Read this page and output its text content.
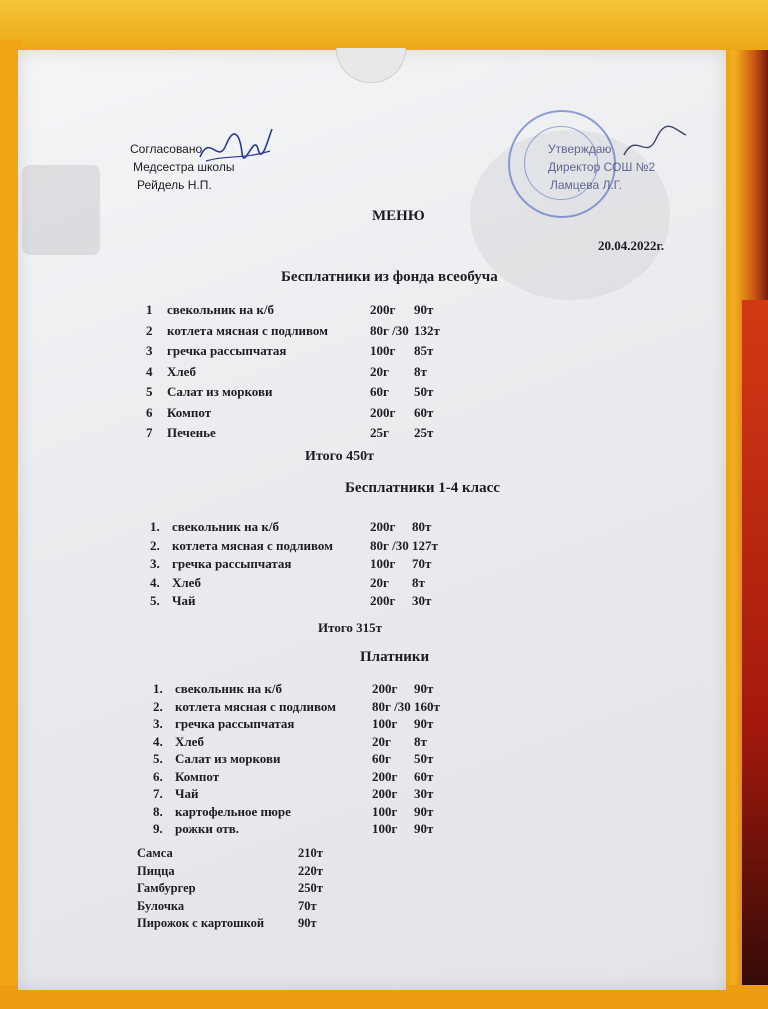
Согласовано
Медсестра школы
Рейдель Н.П.
Утверждаю
Директор СОШ №2
Ламцева Л.Г.
МЕНЮ
20.04.2022г.
Бесплатники из фонда всеобуча
1 свекольник на к/б	200г 90т
2 котлета мясная с подливом	80г /30 132т
3 гречка рассыпчатая	100г 85т
4 Хлеб	20г 8т
5 Салат из моркови	60г 50т
6 Компот	200г 60т
7 Печенье	25г 25т
Итого 450т
Бесплатники 1-4 класс
1. свекольник на к/б	200г 80т
2. котлета мясная с подливом	80г /30 127т
3. гречка рассыпчатая	100г 70т
4. Хлеб	20г 8т
5. Чай	200г 30т
Итого 315т
Платники
1. свекольник на к/б	200г 90т
2. котлета мясная с подливом	80г /30 160т
3. гречка рассыпчатая	100г 90т
4. Хлеб	20г 8т
5. Салат из моркови	60г 50т
6. Компот	200г 60т
7. Чай	200г 30т
8. картофельное пюре	100г 90т
9. рожки отв.	100г 90т
Самса	210т
Пицца	220т
Гамбургер	250т
Булочка	70т
Пирожок с картошкой	90т
